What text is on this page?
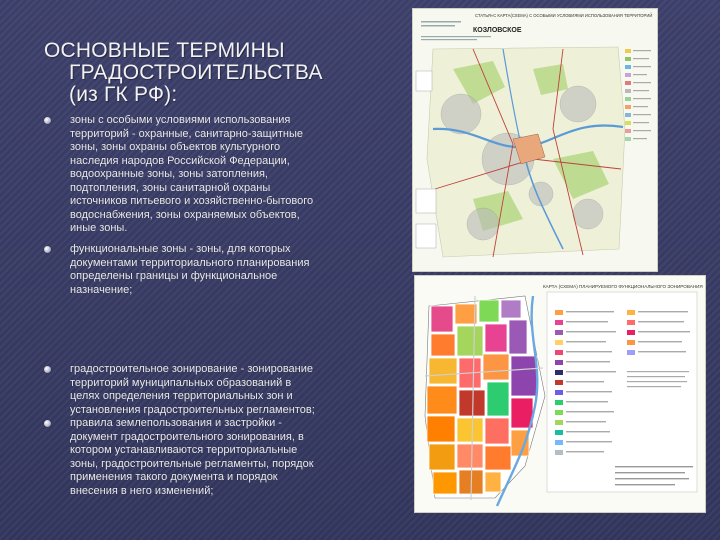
ОСНОВНЫЕ ТЕРМИНЫ
ГРАДОСТРОИТЕЛЬСТВА
(из ГК РФ):
зоны с особыми условиями использования
территорий - охранные, санитарно-защитные
зоны, зоны охраны объектов культурного
наследия народов Российской Федерации,
водоохранные зоны, зоны затопления,
подтопления, зоны санитарной охраны
источников питьевого и хозяйственно-бытового
водоснабжения, зоны охраняемых объектов,
иные зоны.
функциональные зоны - зоны, для которых
документами территориального планирования
определены границы и функциональное
назначение;
градостроительное зонирование - зонирование
территорий муниципальных образований в
целях определения территориальных зон и
установления градостроительных регламентов;
правила землепользования и застройки -
документ градостроительного зонирования, в
котором устанавливаются территориальные
зоны, градостроительные регламенты, порядок
применения такого документа и порядок
внесения в него изменений;
СТАТЬЯ«С КАРТА(СХЕМА) С ОСОБЫМИ УСЛОВИЯМИ ИСПОЛЬЗОВАНИЯ ТЕРРИТОРИЙ
КОЗЛОВСКОЕ
КАРТА (СХЕМА) ПЛАНИРУЕМОГО ФУНКЦИОНАЛЬНОГО ЗОНИРОВАНИЯ
